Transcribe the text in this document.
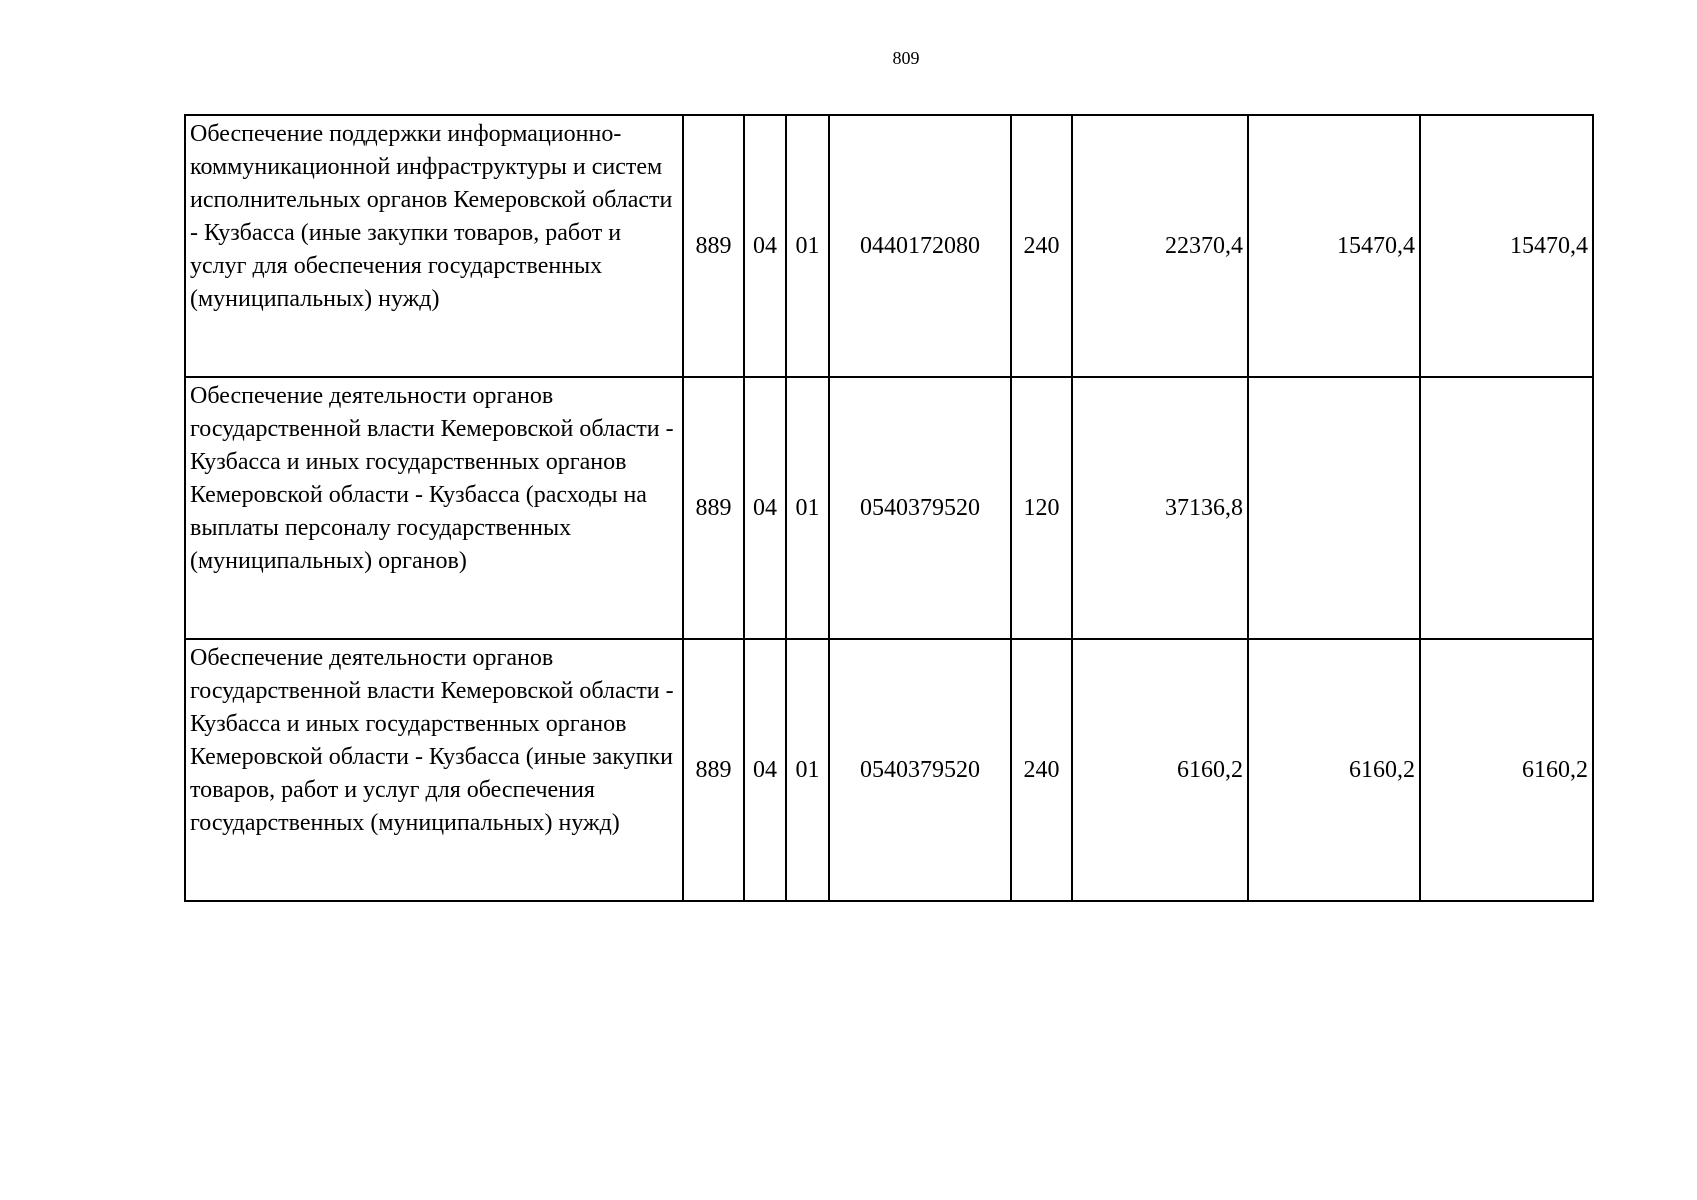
809
Обеспечение поддержки информационно-коммуникационной инфраструктуры и систем исполнительных органов Кемеровской области - Кузбасса (иные закупки товаров, работ и услуг для обеспечения государственных (муниципальных) нужд)	889	04	01	0440172080	240	22370,4	15470,4	15470,4
Обеспечение деятельности органов государственной власти Кемеровской области - Кузбасса и иных государственных органов Кемеровской области - Кузбасса (расходы на выплаты персоналу государственных (муниципальных) органов)	889	04	01	0540379520	120	37136,8		
Обеспечение деятельности органов государственной власти Кемеровской области - Кузбасса и иных государственных органов Кемеровской области - Кузбасса (иные закупки товаров, работ и услуг для обеспечения государственных (муниципальных) нужд)	889	04	01	0540379520	240	6160,2	6160,2	6160,2
